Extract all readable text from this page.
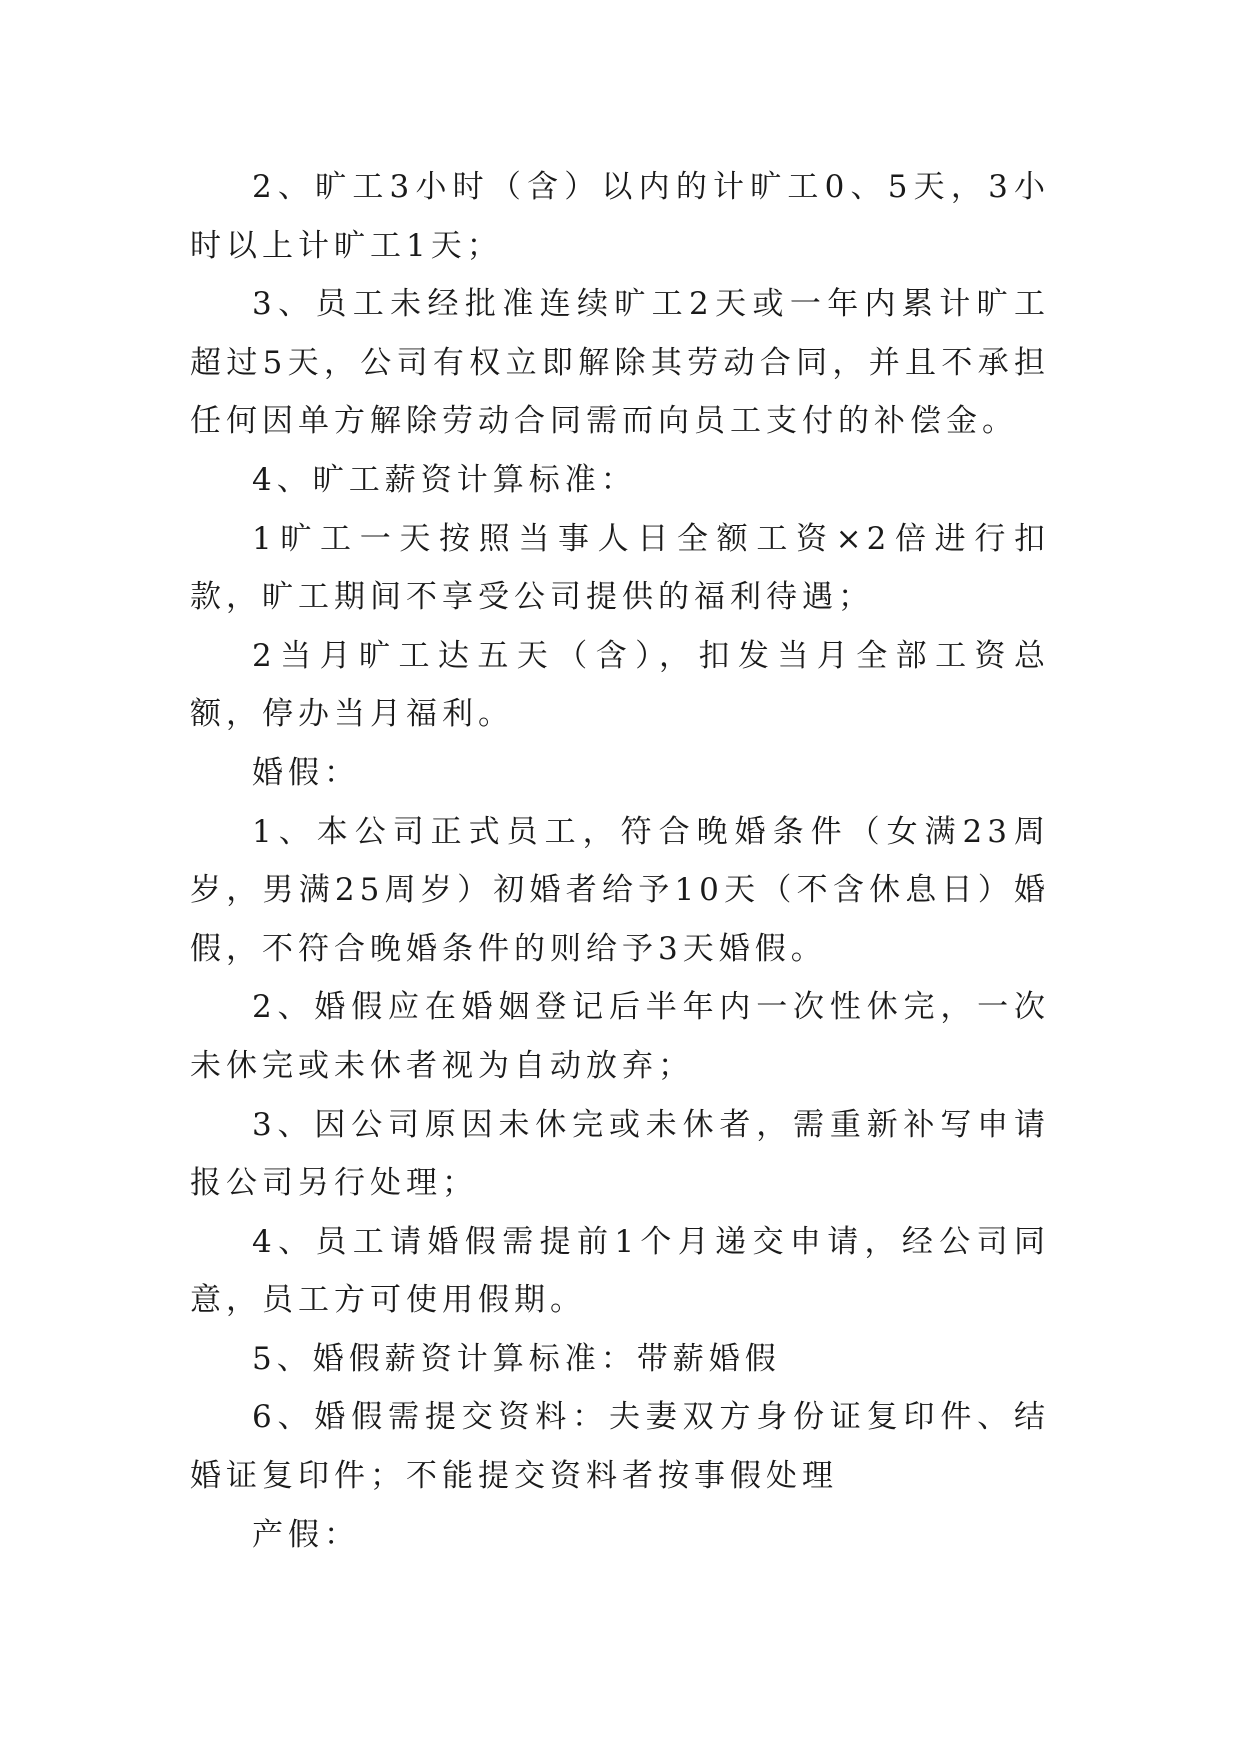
2、旷工3小时（含）以内的计旷工0、5天，3小时以上计旷工1天；

3、员工未经批准连续旷工2天或一年内累计旷工超过5天，公司有权立即解除其劳动合同，并且不承担任何因单方解除劳动合同需而向员工支付的补偿金。

4、旷工薪资计算标准：

1旷工一天按照当事人日全额工资×2倍进行扣款，旷工期间不享受公司提供的福利待遇；

2当月旷工达五天（含），扣发当月全部工资总额，停办当月福利。

婚假：

1、本公司正式员工，符合晚婚条件（女满23周岁，男满25周岁）初婚者给予10天（不含休息日）婚假，不符合晚婚条件的则给予3天婚假。

2、婚假应在婚姻登记后半年内一次性休完，一次未休完或未休者视为自动放弃；

3、因公司原因未休完或未休者，需重新补写申请报公司另行处理；

4、员工请婚假需提前1个月递交申请，经公司同意，员工方可使用假期。

5、婚假薪资计算标准：带薪婚假

6、婚假需提交资料：夫妻双方身份证复印件、结婚证复印件；不能提交资料者按事假处理

产假：
